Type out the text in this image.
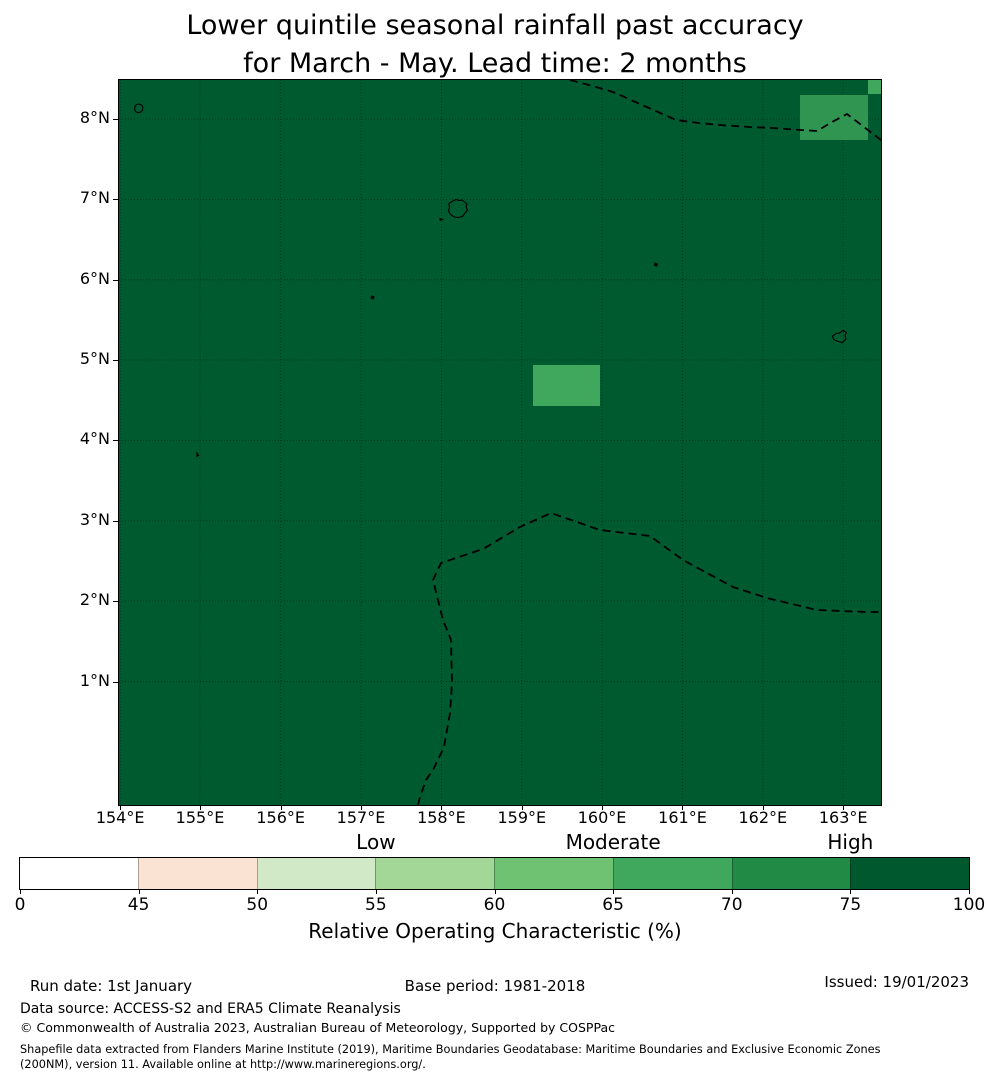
Lower quintile seasonal rainfall past accuracy
for March - May. Lead time: 2 months
154°E	155°E	156°E	157°E	158°E	159°E	160°E	161°E	162°E	163°E
8°N
7°N
6°N
5°N
4°N
3°N
2°N
1°N
0	45	50	55	60	65	70	75	100
Low	Moderate	High
Relative Operating Characteristic (%)
Run date: 1st January	Base period: 1981-2018	Issued: 19/01/2023
Data source: ACCESS-S2 and ERA5 Climate Reanalysis
© Commonwealth of Australia 2023, Australian Bureau of Meteorology, Supported by COSPPac
Shapefile data extracted from Flanders Marine Institute (2019), Maritime Boundaries Geodatabase: Maritime Boundaries and Exclusive Economic Zones
(200NM), version 11. Available online at http://www.marineregions.org/.
